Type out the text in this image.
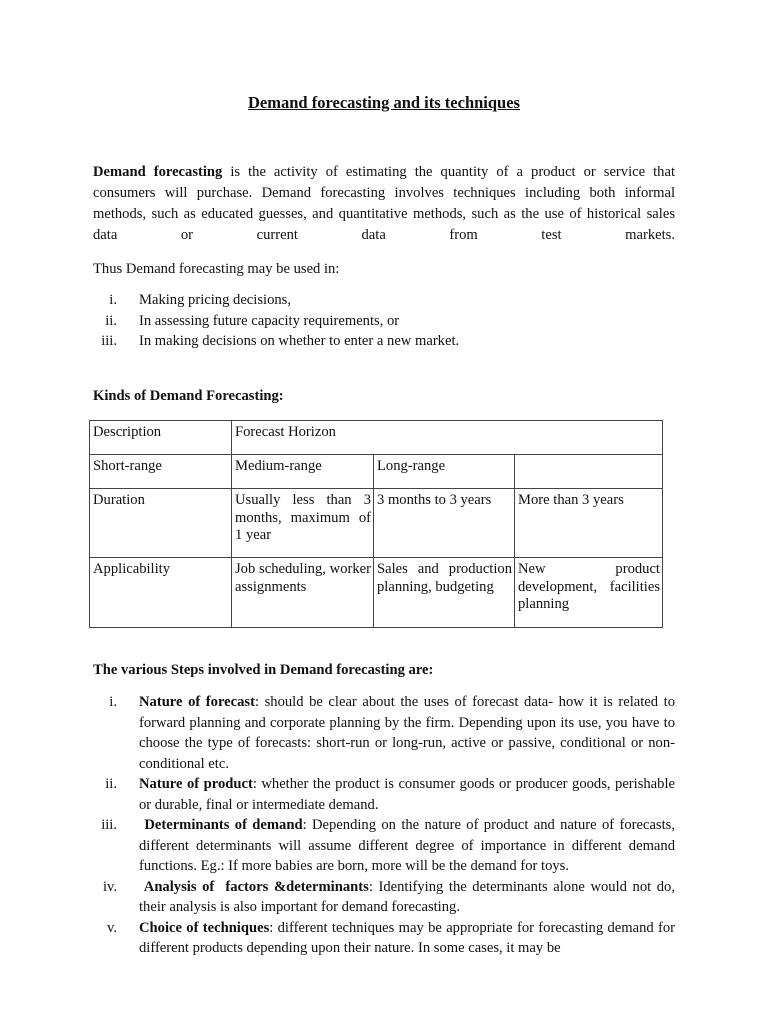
Demand forecasting and its techniques

Demand forecasting is the activity of estimating the quantity of a product or service that consumers will purchase. Demand forecasting involves techniques including both informal methods, such as educated guesses, and quantitative methods, such as the use of historical sales data or current data from test markets.

Thus Demand forecasting may be used in:

i. Making pricing decisions,
ii. In assessing future capacity requirements, or
iii. In making decisions on whether to enter a new market.

Kinds of Demand Forecasting:

Description	Forecast Horizon		
Short-range	Medium-range	Long-range	
Duration	Usually less than 3 months, maximum of 1 year	3 months to 3 years	More than 3 years
Applicability	Job scheduling, worker assignments	Sales and production planning, budgeting	New product development, facilities planning

The various Steps involved in Demand forecasting are:

i. Nature of forecast: should be clear about the uses of forecast data- how it is related to forward planning and corporate planning by the firm. Depending upon its use, you have to choose the type of forecasts: short-run or long-run, active or passive, conditional or non-conditional etc.
ii. Nature of product: whether the product is consumer goods or producer goods, perishable or durable, final or intermediate demand.
iii. Determinants of demand: Depending on the nature of product and nature of forecasts, different determinants will assume different degree of importance in different demand functions. Eg.: If more babies are born, more will be the demand for toys.
iv. Analysis of  factors &determinants: Identifying the determinants alone would not do, their analysis is also important for demand forecasting.
v. Choice of techniques: different techniques may be appropriate for forecasting demand for different products depending upon their nature. In some cases, it may be
